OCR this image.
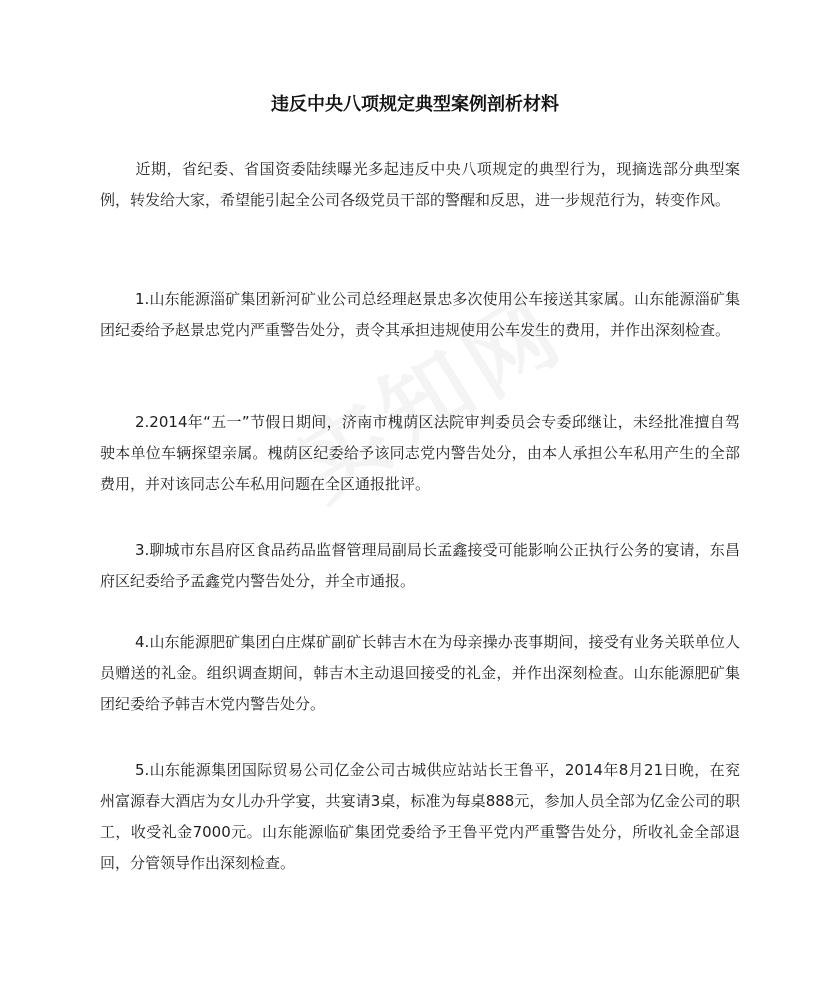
违反中央八项规定典型案例剖析材料

近期，省纪委、省国资委陆续曝光多起违反中央八项规定的典型行为，现摘选部分典型案例，转发给大家，希望能引起全公司各级党员干部的警醒和反思，进一步规范行为，转变作风。

1.山东能源淄矿集团新河矿业公司总经理赵景忠多次使用公车接送其家属。山东能源淄矿集团纪委给予赵景忠党内严重警告处分，责令其承担违规使用公车发生的费用，并作出深刻检查。

2.2014年“五一”节假日期间，济南市槐荫区法院审判委员会专委邱继让，未经批准擅自驾驶本单位车辆探望亲属。槐荫区纪委给予该同志党内警告处分，由本人承担公车私用产生的全部费用，并对该同志公车私用问题在全区通报批评。

3.聊城市东昌府区食品药品监督管理局副局长孟鑫接受可能影响公正执行公务的宴请，东昌府区纪委给予孟鑫党内警告处分，并全市通报。

4.山东能源肥矿集团白庄煤矿副矿长韩吉木在为母亲操办丧事期间，接受有业务关联单位人员赠送的礼金。组织调查期间，韩吉木主动退回接受的礼金，并作出深刻检查。山东能源肥矿集团纪委给予韩吉木党内警告处分。

5.山东能源集团国际贸易公司亿金公司古城供应站站长王鲁平，2014年8月21日晚，在兖州富源春大酒店为女儿办升学宴，共宴请3桌，标准为每桌888元，参加人员全部为亿金公司的职工，收受礼金7000元。山东能源临矿集团党委给予王鲁平党内严重警告处分，所收礼金全部退回，分管领导作出深刻检查。
